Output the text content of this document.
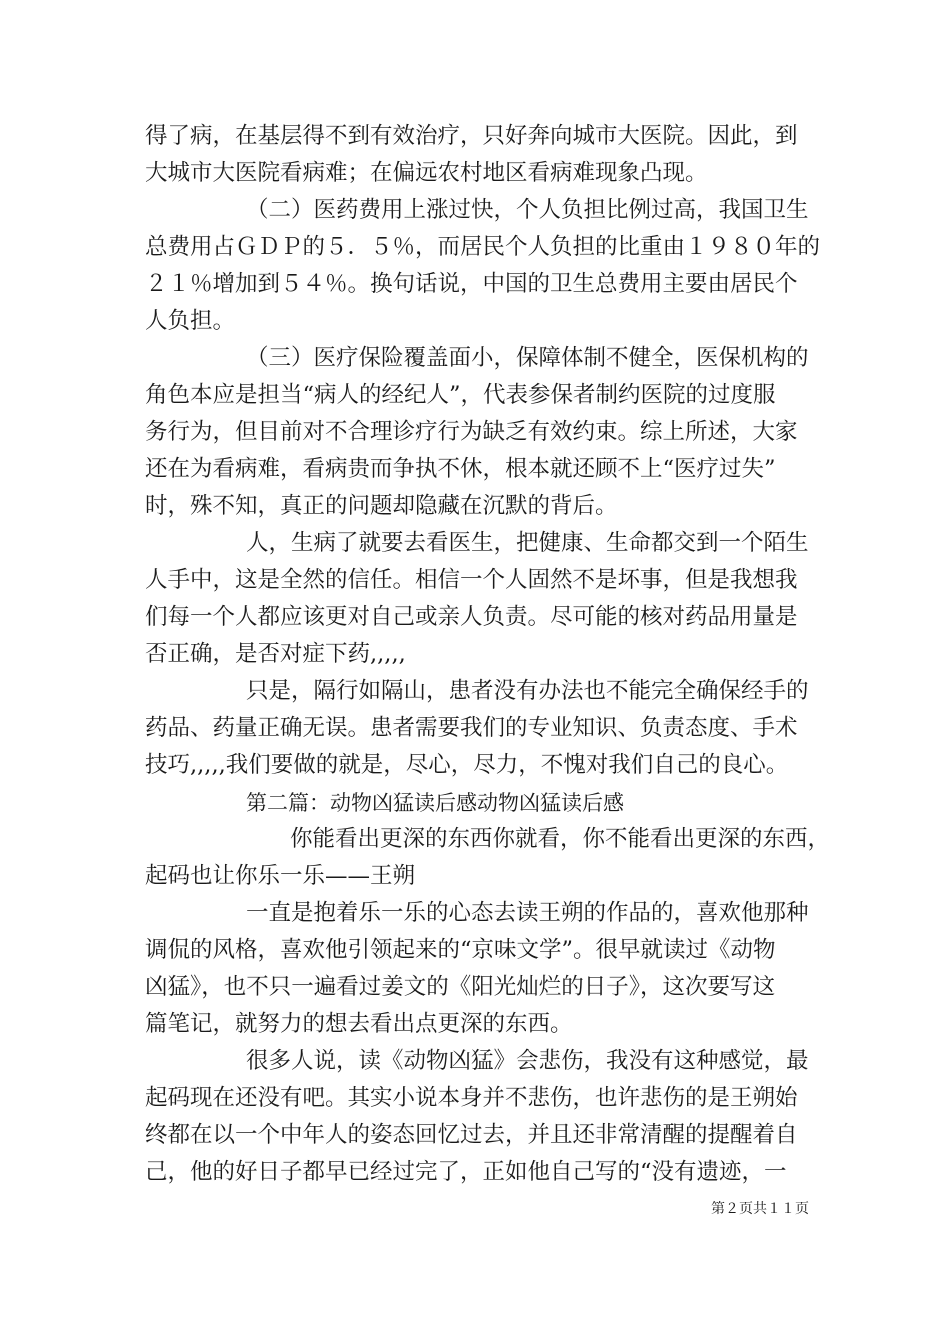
得了病，在基层得不到有效治疗，只好奔向城市大医院。因此，到
大城市大医院看病难；在偏远农村地区看病难现象凸现。
（二）医药费用上涨过快，个人负担比例过高，我国卫生
总费用占ＧＤＰ的５．５％，而居民个人负担的比重由１９８０年的
２１％增加到５４％。换句话说，中国的卫生总费用主要由居民个
人负担。
（三）医疗保险覆盖面小，保障体制不健全，医保机构的
角色本应是担当“病人的经纪人”，代表参保者制约医院的过度服
务行为，但目前对不合理诊疗行为缺乏有效约束。综上所述，大家
还在为看病难，看病贵而争执不休，根本就还顾不上“医疗过失”
时，殊不知，真正的问题却隐藏在沉默的背后。
人，生病了就要去看医生，把健康、生命都交到一个陌生
人手中，这是全然的信任。相信一个人固然不是坏事，但是我想我
们每一个人都应该更对自己或亲人负责。尽可能的核对药品用量是
否正确，是否对症下药,,,,,
只是，隔行如隔山，患者没有办法也不能完全确保经手的
药品、药量正确无误。患者需要我们的专业知识、负责态度、手术
技巧,,,,,我们要做的就是，尽心，尽力，不愧对我们自己的良心。
第二篇：动物凶猛读后感动物凶猛读后感
你能看出更深的东西你就看，你不能看出更深的东西，
起码也让你乐一乐——王朔
一直是抱着乐一乐的心态去读王朔的作品的，喜欢他那种
调侃的风格，喜欢他引领起来的“京味文学”。很早就读过《动物
凶猛》，也不只一遍看过姜文的《阳光灿烂的日子》，这次要写这
篇笔记，就努力的想去看出点更深的东西。
很多人说，读《动物凶猛》会悲伤，我没有这种感觉，最
起码现在还没有吧。其实小说本身并不悲伤，也许悲伤的是王朔始
终都在以一个中年人的姿态回忆过去，并且还非常清醒的提醒着自
己，他的好日子都早已经过完了，正如他自己写的“没有遗迹，一
第２页共１１页
